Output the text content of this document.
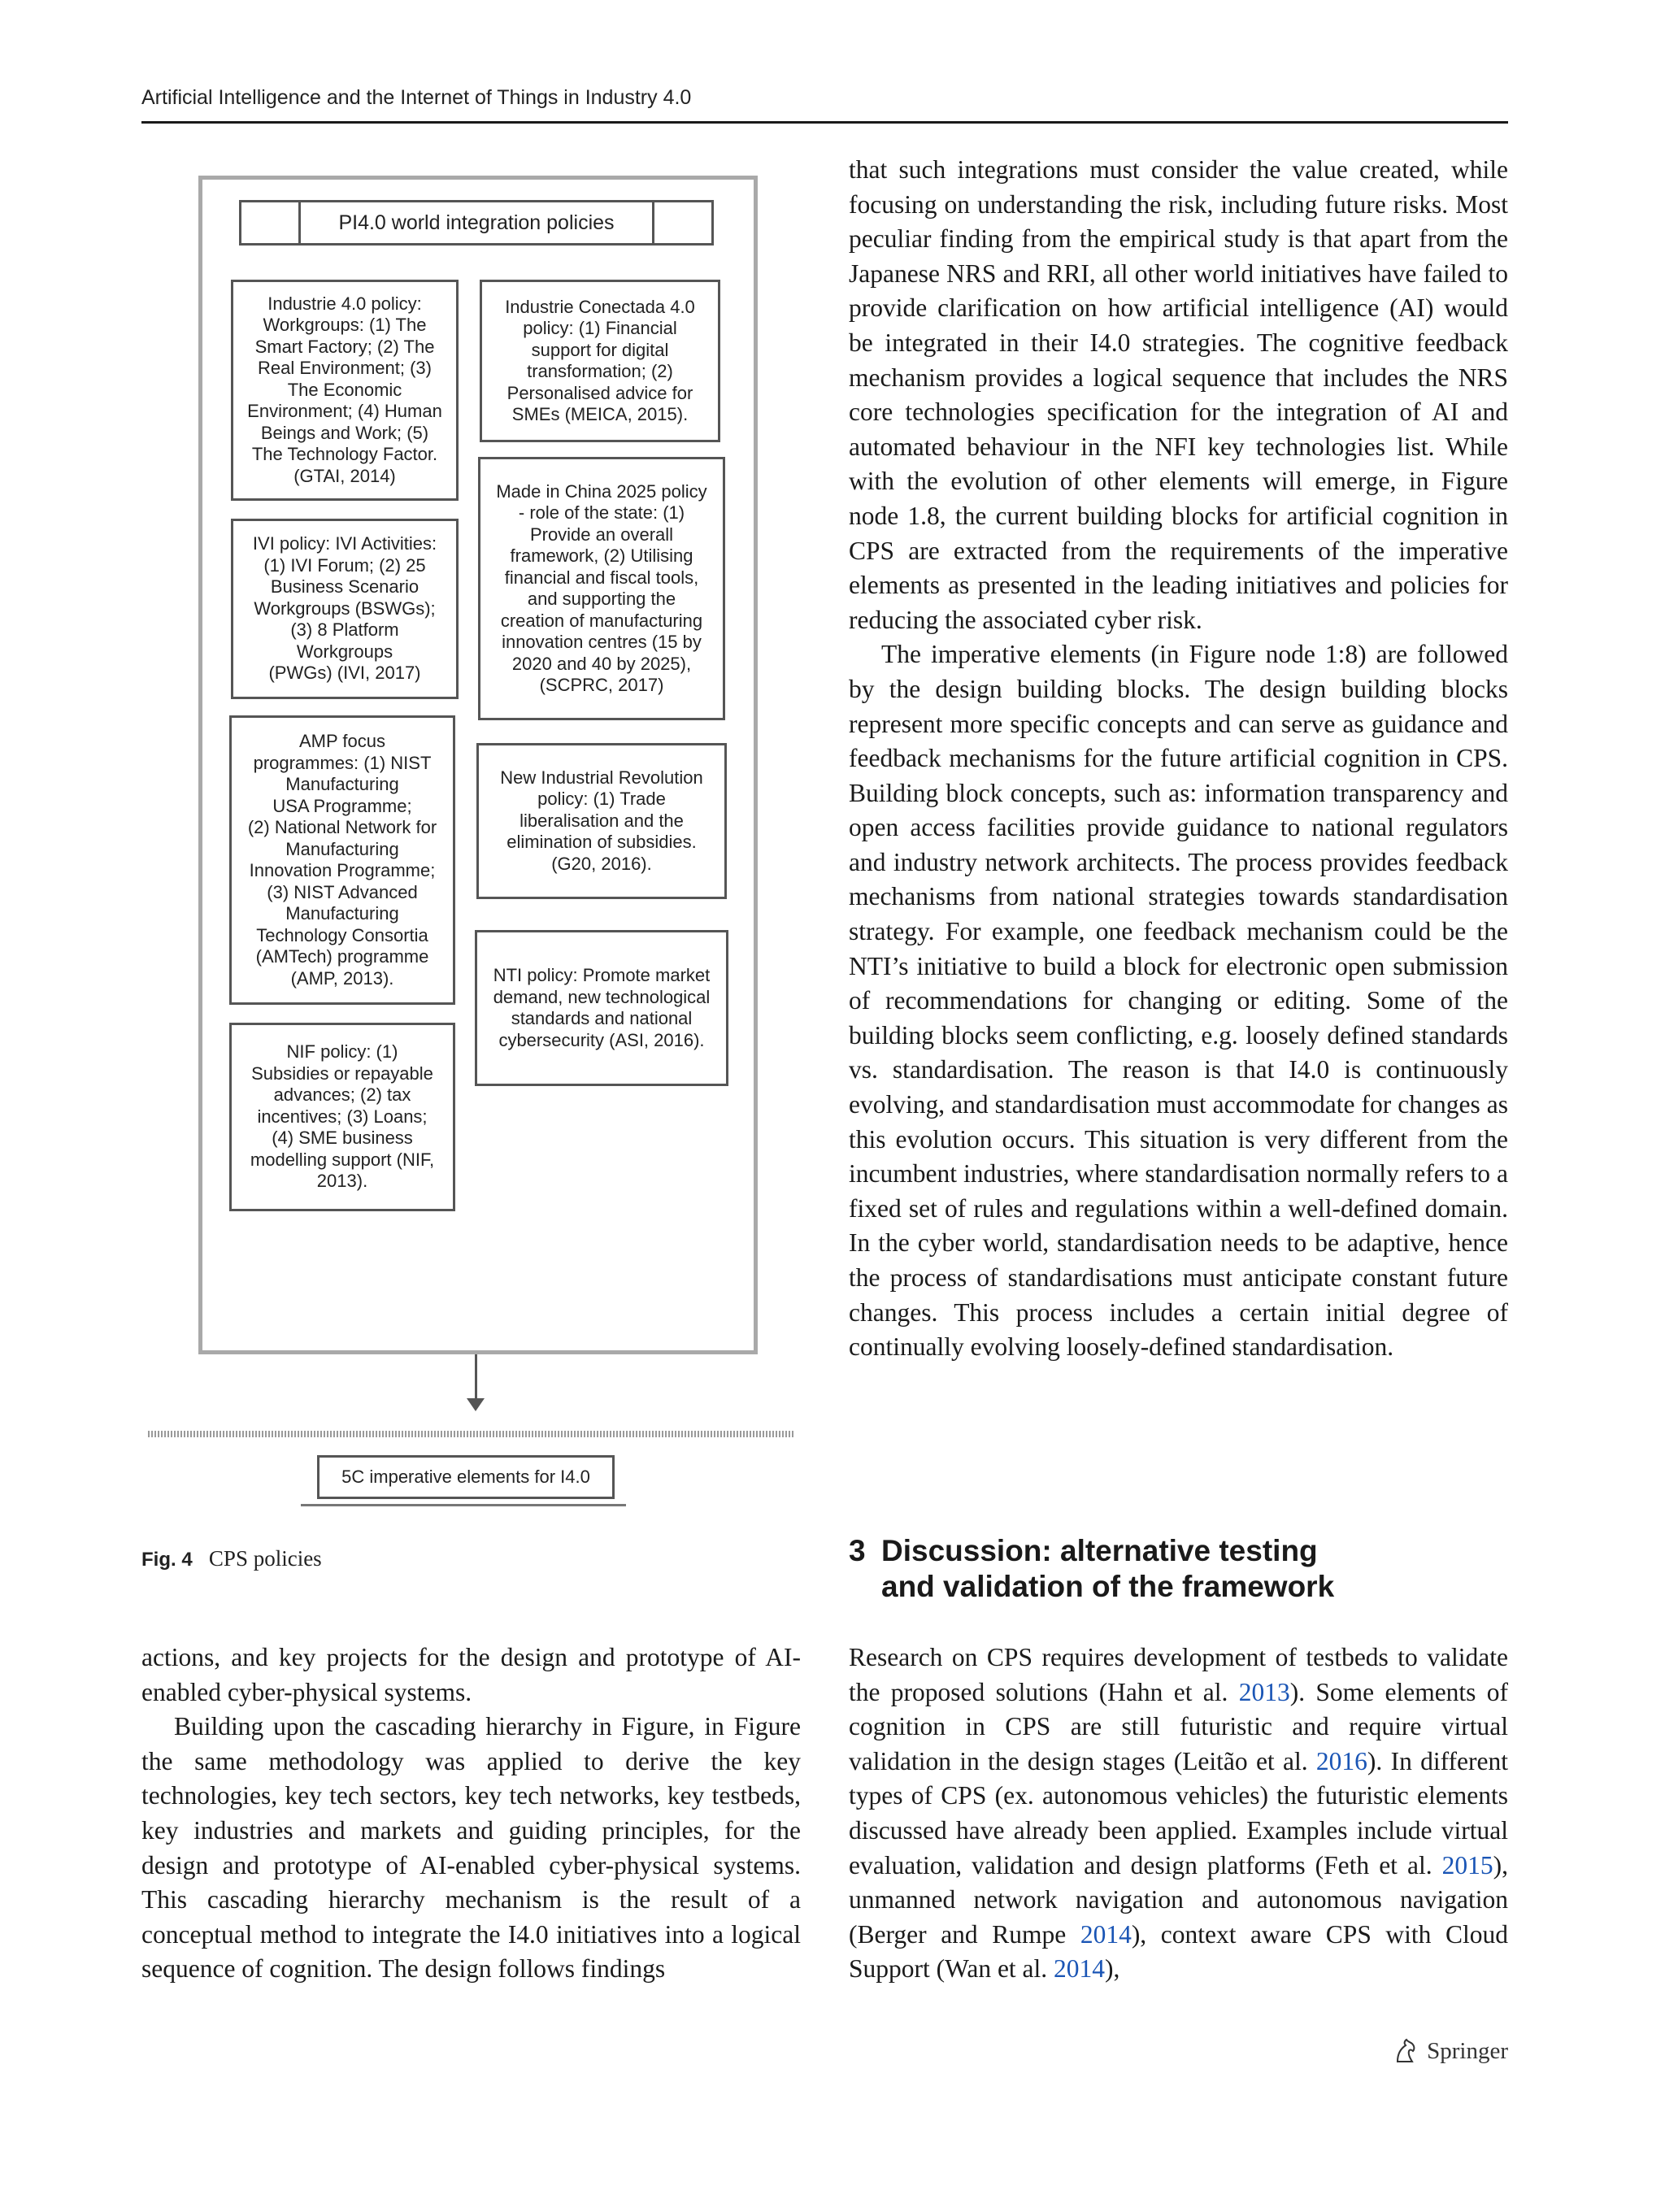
Artificial Intelligence and the Internet of Things in Industry 4.0
PI4.0 world integration policies
Industrie 4.0 policy:
Workgroups: (1) The
Smart Factory; (2) The
Real Environment; (3)
The Economic
Environment; (4) Human
Beings and Work; (5)
The Technology Factor.
(GTAI, 2014)
IVI policy: IVI Activities:
(1) IVI Forum; (2) 25
Business Scenario
Workgroups (BSWGs);
(3) 8 Platform
Workgroups
(PWGs) (IVI, 2017)
AMP focus
programmes: (1) NIST
Manufacturing
USA Programme;
(2) National Network for
Manufacturing
Innovation Programme;
(3) NIST Advanced
Manufacturing
Technology Consortia
(AMTech) programme
(AMP, 2013).
NIF policy: (1)
Subsidies or repayable
advances; (2) tax
incentives; (3) Loans;
(4) SME business
modelling support (NIF,
2013).
Industrie Conectada 4.0
policy: (1) Financial
support for digital
transformation; (2)
Personalised advice for
SMEs (MEICA, 2015).
Made in China 2025 policy
- role of the state: (1)
Provide an overall
framework, (2) Utilising
financial and fiscal tools,
and supporting the
creation of manufacturing
innovation centres (15 by
2020 and 40 by 2025),
(SCPRC, 2017)
New Industrial Revolution
policy: (1) Trade
liberalisation and the
elimination of subsidies.
(G20, 2016).
NTI policy: Promote market
demand, new technological
standards and national
cybersecurity (ASI, 2016).
5C imperative elements for I4.0
Fig. 4 CPS policies

that such integrations must consider the value created, while focusing on understanding the risk, including future risks. Most peculiar finding from the empirical study is that apart from the Japanese NRS and RRI, all other world initiatives have failed to provide clarification on how artificial intelligence (AI) would be integrated in their I4.0 strategies. The cognitive feedback mechanism provides a logical sequence that includes the NRS core technologies specification for the integration of AI and automated behaviour in the NFI key technologies list. While with the evolution of other elements will emerge, in Figure node 1.8, the current building blocks for artificial cognition in CPS are extracted from the requirements of the imperative elements as presented in the leading initiatives and policies for reducing the associated cyber risk.

The imperative elements (in Figure node 1:8) are followed by the design building blocks. The design building blocks represent more specific concepts and can serve as guidance and feedback mechanisms for the future artificial cognition in CPS. Building block concepts, such as: information transparency and open access facilities provide guidance to national regulators and industry network architects. The process provides feedback mechanisms from national strategies towards standardisation strategy. For example, one feedback mechanism could be the NTI’s initiative to build a block for electronic open submission of recommendations for changing or editing. Some of the building blocks seem conflicting, e.g. loosely defined standards vs. standardisation. The reason is that I4.0 is continuously evolving, and standardisation must accommodate for changes as this evolution occurs. This situation is very different from the incumbent industries, where standardisation normally refers to a fixed set of rules and regulations within a well-defined domain. In the cyber world, standardisation needs to be adaptive, hence the process of standardisations must anticipate constant future changes. This process includes a certain initial degree of continually evolving loosely-defined standardisation.

3 Discussion: alternative testing
and validation of the framework

actions, and key projects for the design and prototype of AI-enabled cyber-physical systems.

Building upon the cascading hierarchy in Figure, in Figure the same methodology was applied to derive the key technologies, key tech sectors, key tech networks, key testbeds, key industries and markets and guiding principles, for the design and prototype of AI-enabled cyber-physical systems. This cascading hierarchy mechanism is the result of a conceptual method to integrate the I4.0 initiatives into a logical sequence of cognition. The design follows findings

Research on CPS requires development of testbeds to validate the proposed solutions (Hahn et al. 2013). Some elements of cognition in CPS are still futuristic and require virtual validation in the design stages (Leitão et al. 2016). In different types of CPS (ex. autonomous vehicles) the futuristic elements discussed have already been applied. Examples include virtual evaluation, validation and design platforms (Feth et al. 2015), unmanned network navigation and autonomous navigation (Berger and Rumpe 2014), context aware CPS with Cloud Support (Wan et al. 2014),

Springer
